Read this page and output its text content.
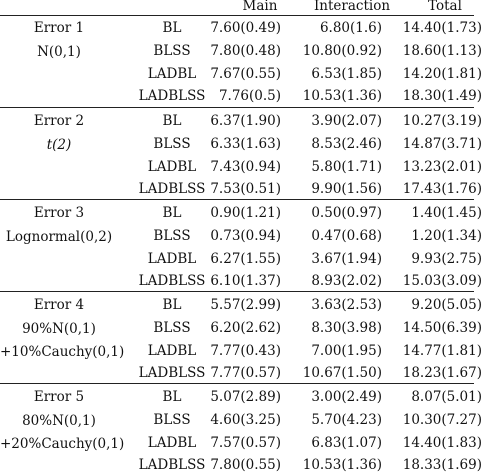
Main	Interaction	Total
Error 1
N(0,1)
BL	7.60(0.49)	6.80(1.6)	14.40(1.73)
BLSS	7.80(0.48) 10.80(0.92)	18.60(1.13)
LADBL	7.67(0.55)	6.53(1.85)	14.20(1.81)
LADBLSS	7.76(0.5) 10.53(1.36)	18.30(1.49)
Error 2
t(2)
BL	6.37(1.90)	3.90(2.07)	10.27(3.19)
BLSS	6.33(1.63)	8.53(2.46)	14.87(3.71)
LADBL	7.43(0.94)	5.80(1.71)	13.23(2.01)
LADBLSS 7.53(0.51)	9.90(1.56)	17.43(1.76)
Error 3
Lognormal(0,2)
BL	0.90(1.21)	0.50(0.97)	1.40(1.45)
BLSS	0.73(0.94)	0.47(0.68)	1.20(1.34)
LADBL	6.27(1.55)	3.67(1.94)	9.93(2.75)
LADBLSS 6.10(1.37)	8.93(2.02)	15.03(3.09)
Error 4
90%N(0,1)
+10%Cauchy(0,1)
BL	5.57(2.99)	3.63(2.53)	9.20(5.05)
BLSS	6.20(2.62)	8.30(3.98)	14.50(6.39)
LADBL	7.77(0.43)	7.00(1.95)	14.77(1.81)
LADBLSS 7.77(0.57) 10.67(1.50)	18.23(1.67)
Error 5
80%N(0,1)
+20%Cauchy(0,1)
BL	5.07(2.89)	3.00(2.49)	8.07(5.01)
BLSS	4.60(3.25)	5.70(4.23)	10.30(7.27)
LADBL	7.57(0.57)	6.83(1.07)	14.40(1.83)
LADBLSS 7.80(0.55) 10.53(1.36)	18.33(1.69)
